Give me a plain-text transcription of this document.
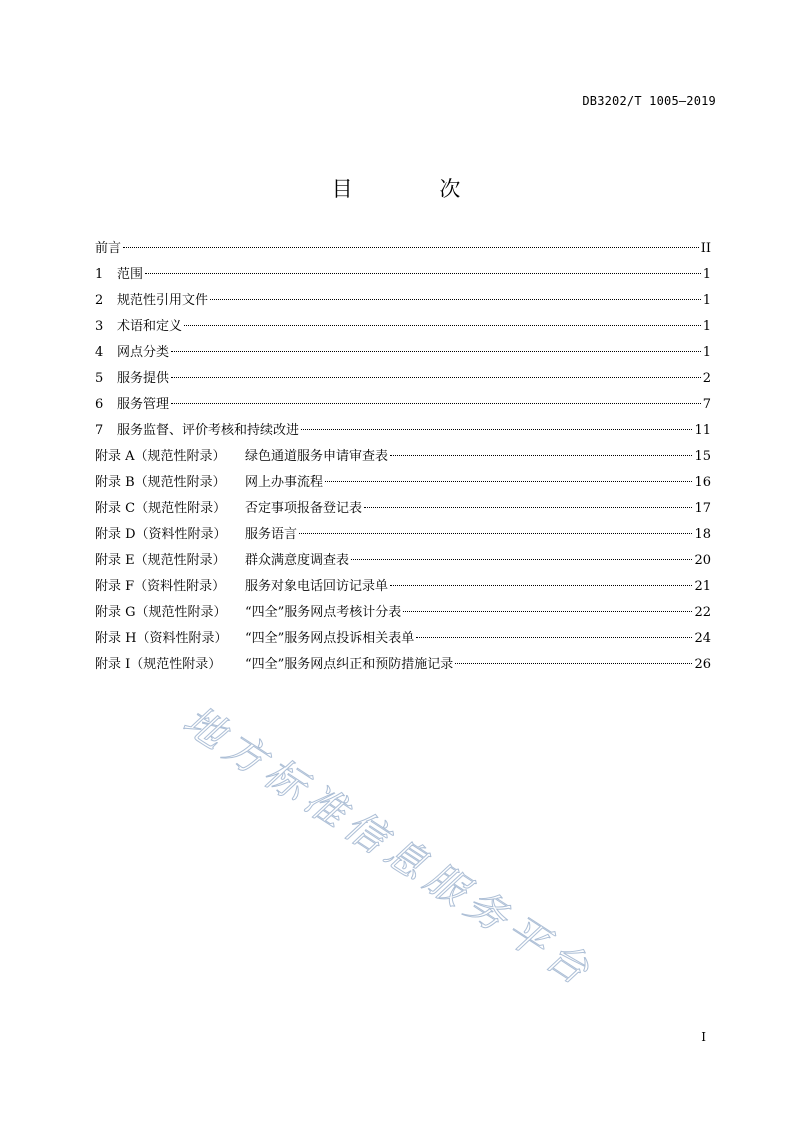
DB3202/T 1005—2019
目 次
前言	II
1	范围	1
2	规范性引用文件	1
3	术语和定义	1
4	网点分类	1
5	服务提供	2
6	服务管理	7
7	服务监督、评价考核和持续改进	11
附录 A（规范性附录）	绿色通道服务申请审查表	15
附录 B（规范性附录）	网上办事流程	16
附录 C（规范性附录）	否定事项报备登记表	17
附录 D（资料性附录）	服务语言	18
附录 E（规范性附录）	群众满意度调查表	20
附录 F（资料性附录）	服务对象电话回访记录单	21
附录 G（规范性附录）	“四全”服务网点考核计分表	22
附录 H（资料性附录）	“四全”服务网点投诉相关表单	24
附录 I（规范性附录）	“四全”服务网点纠正和预防措施记录	26
地方标准信息服务平台
I
